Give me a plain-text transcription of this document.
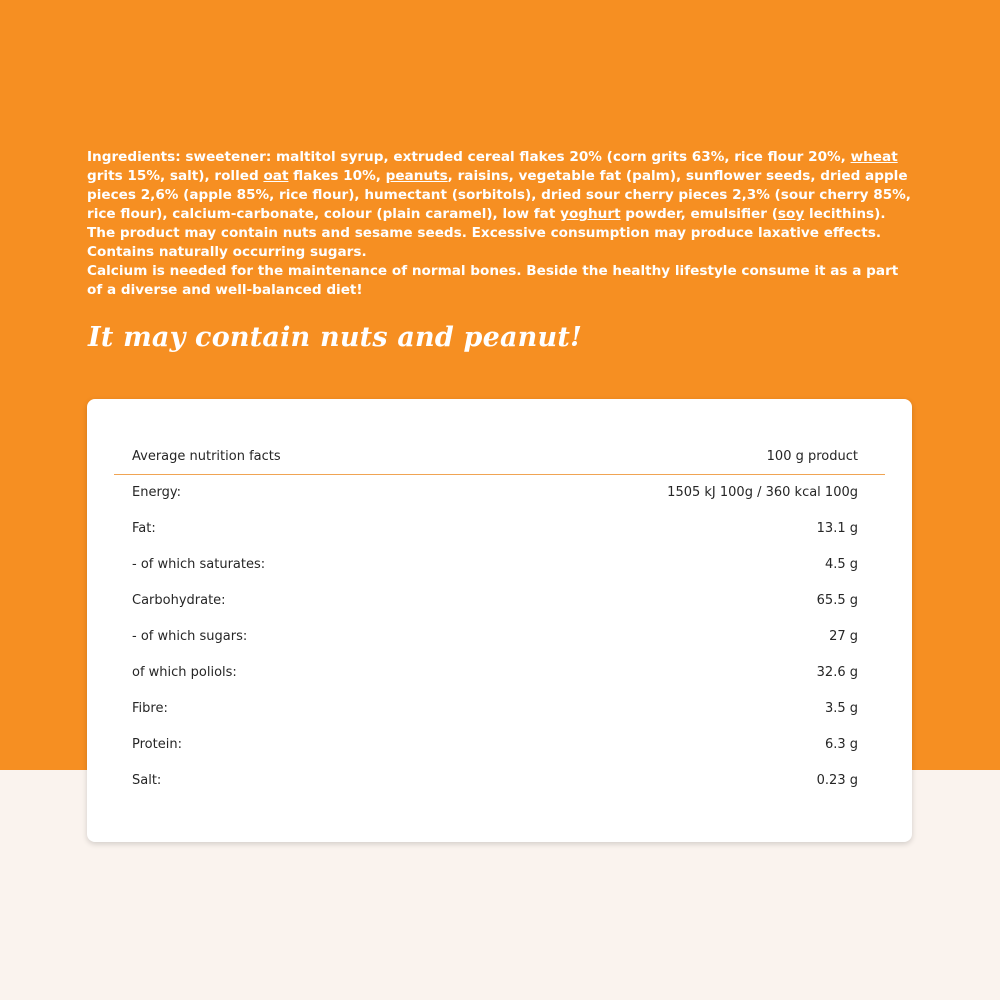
Ingredients: sweetener: maltitol syrup, extruded cereal flakes 20% (corn grits 63%, rice flour 20%, wheat grits 15%, salt), rolled oat flakes 10%, peanuts, raisins, vegetable fat (palm), sunflower seeds, dried apple pieces 2,6% (apple 85%, rice flour), humectant (sorbitols), dried sour cherry pieces 2,3% (sour cherry 85%, rice flour), calcium-carbonate, colour (plain caramel), low fat yoghurt powder, emulsifier (soy lecithins). The product may contain nuts and sesame seeds. Excessive consumption may produce laxative effects. Contains naturally occurring sugars.

Calcium is needed for the maintenance of normal bones. Beside the healthy lifestyle consume it as a part of a diverse and well-balanced diet!

It may contain nuts and peanut!
Average nutrition facts	100 g product
Energy:	1505 kJ 100g / 360 kcal 100g
Fat:	13.1 g
- of which saturates:	4.5 g
Carbohydrate:	65.5 g
- of which sugars:	27 g
of which poliols:	32.6 g
Fibre:	3.5 g
Protein:	6.3 g
Salt:	0.23 g
